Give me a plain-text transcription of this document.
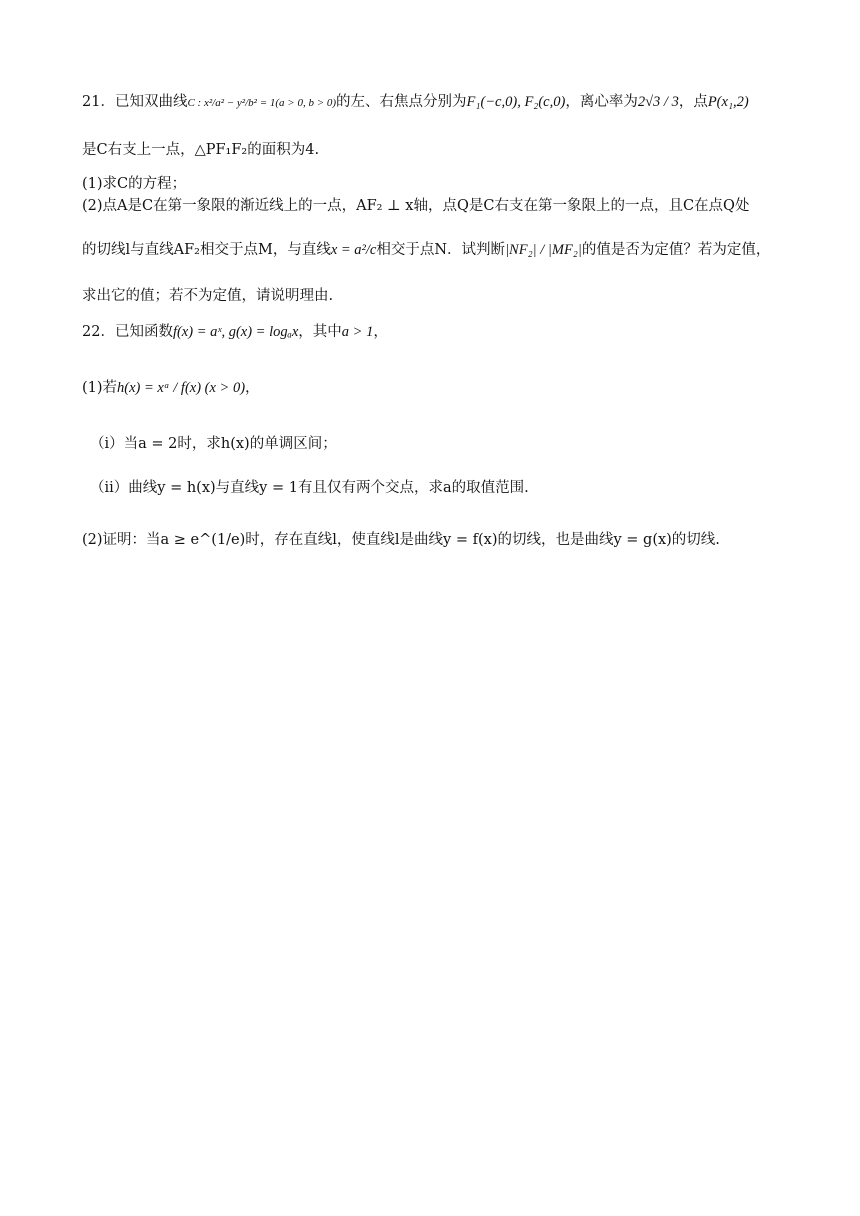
21．已知双曲线C : x²/a² − y²/b² = 1(a > 0, b > 0)的左、右焦点分别为F₁(−c,0), F₂(c,0)，离心率为2√3 / 3，点P(x₁,2)
是C右支上一点，△PF₁F₂的面积为4.
(1)求C的方程；
(2)点A是C在第一象限的渐近线上的一点，AF₂ ⊥ x轴，点Q是C右支在第一象限上的一点，且C在点Q处
的切线l与直线AF₂相交于点M，与直线x = a²/c相交于点N．试判断|NF₂| / |MF₂|的值是否为定值？若为定值，
求出它的值；若不为定值，请说明理由.
22．已知函数f(x) = aˣ, g(x) = logₐx，其中a > 1，
(1)若h(x) = xᵃ / f(x) (x > 0)，
（i）当a = 2时，求h(x)的单调区间；
（ii）曲线y = h(x)与直线y = 1有且仅有两个交点，求a的取值范围.
(2)证明：当a ≥ e^(1/e)时，存在直线l，使直线l是曲线y = f(x)的切线，也是曲线y = g(x)的切线.
